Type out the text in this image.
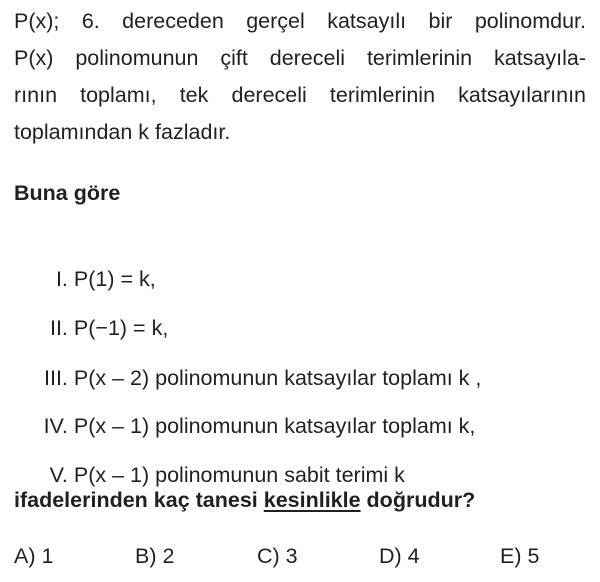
P(x); 6. dereceden gerçel katsayılı bir polinomdur.
P(x) polinomunun çift dereceli terimlerinin katsayıla-
rının toplamı, tek dereceli terimlerinin katsayılarının
toplamından k fazladır.
Buna göre

I. P(1) = k,

II. P(−1) = k,

III. P(x – 2) polinomunun katsayılar toplamı k ,

IV. P(x – 1) polinomunun katsayılar toplamı k,

V. P(x – 1) polinomunun sabit terimi k

ifadelerinden kaç tanesi kesinlikle doğrudur?
A) 1	B) 2	C) 3	D) 4	E) 5
